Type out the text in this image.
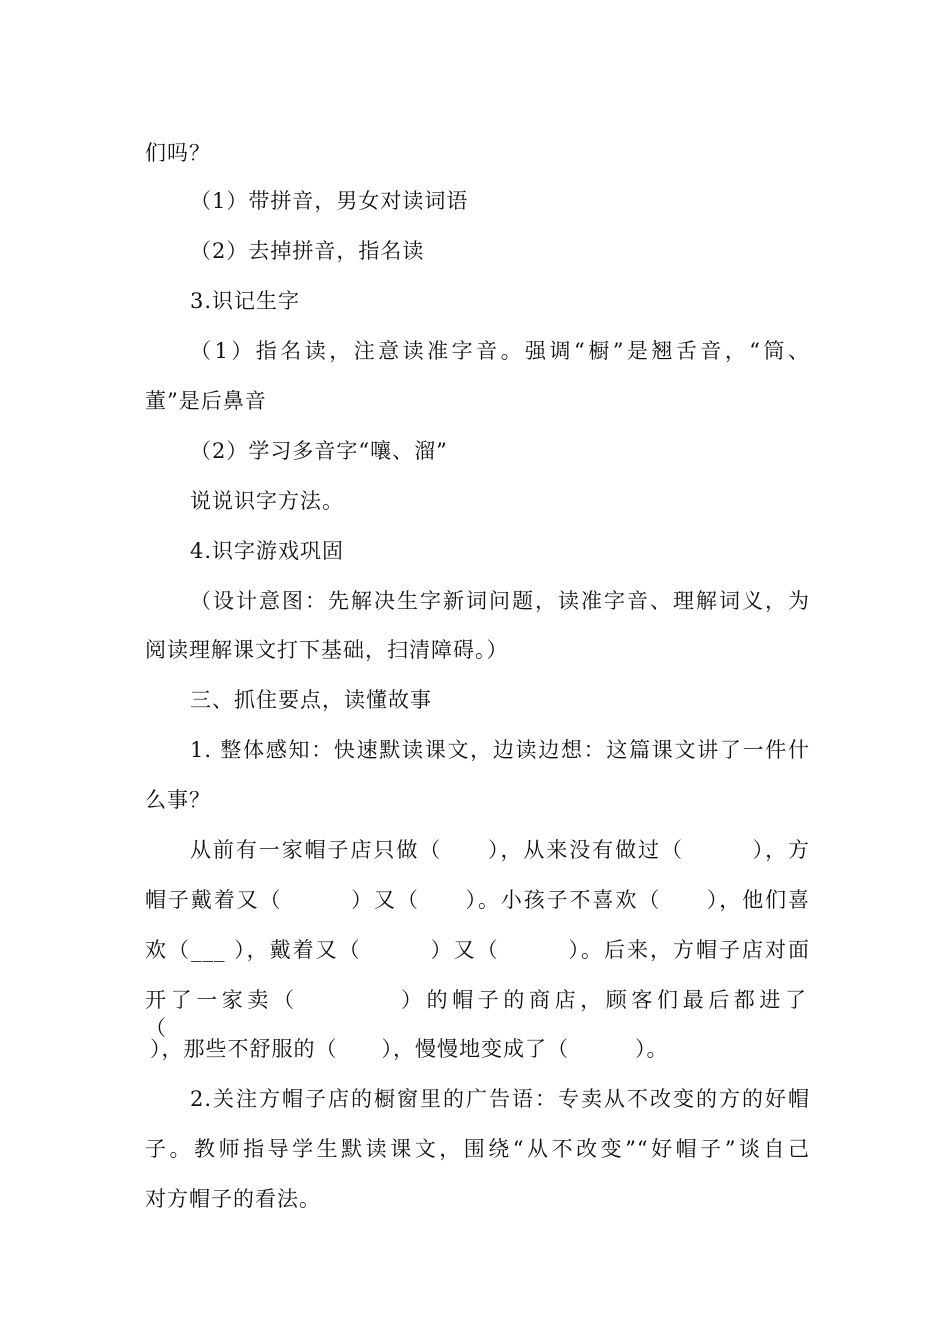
们吗？
（1）带拼音，男女对读词语
（2）去掉拼音，指名读
3.识记生字
（1）指名读，注意读准字音。强调“橱”是翘舌音，“筒、
董”是后鼻音
（2）学习多音字“嚷、溜”
说说识字方法。
4.识字游戏巩固
（设计意图：先解决生字新词问题，读准字音、理解词义，为
阅读理解课文打下基础，扫清障碍。）
三、抓住要点，读懂故事
1. 整体感知：快速默读课文，边读边想：这篇课文讲了一件什
么事？
从前有一家帽子店只做（　　），从来没有做过（　　　），方
帽子戴着又（　　　）又（　　）。小孩子不喜欢（　　），他们喜
欢（___ ），戴着又（　　　）又（　　　）。后来，方帽子店对面
开了一家卖（　　　　）的帽子的商店，顾客们最后都进了（
），那些不舒服的（　　），慢慢地变成了（　　　）。
2.关注方帽子店的橱窗里的广告语：专卖从不改变的方的好帽
子。教师指导学生默读课文，围绕“从不改变”“好帽子”谈自己
对方帽子的看法。
